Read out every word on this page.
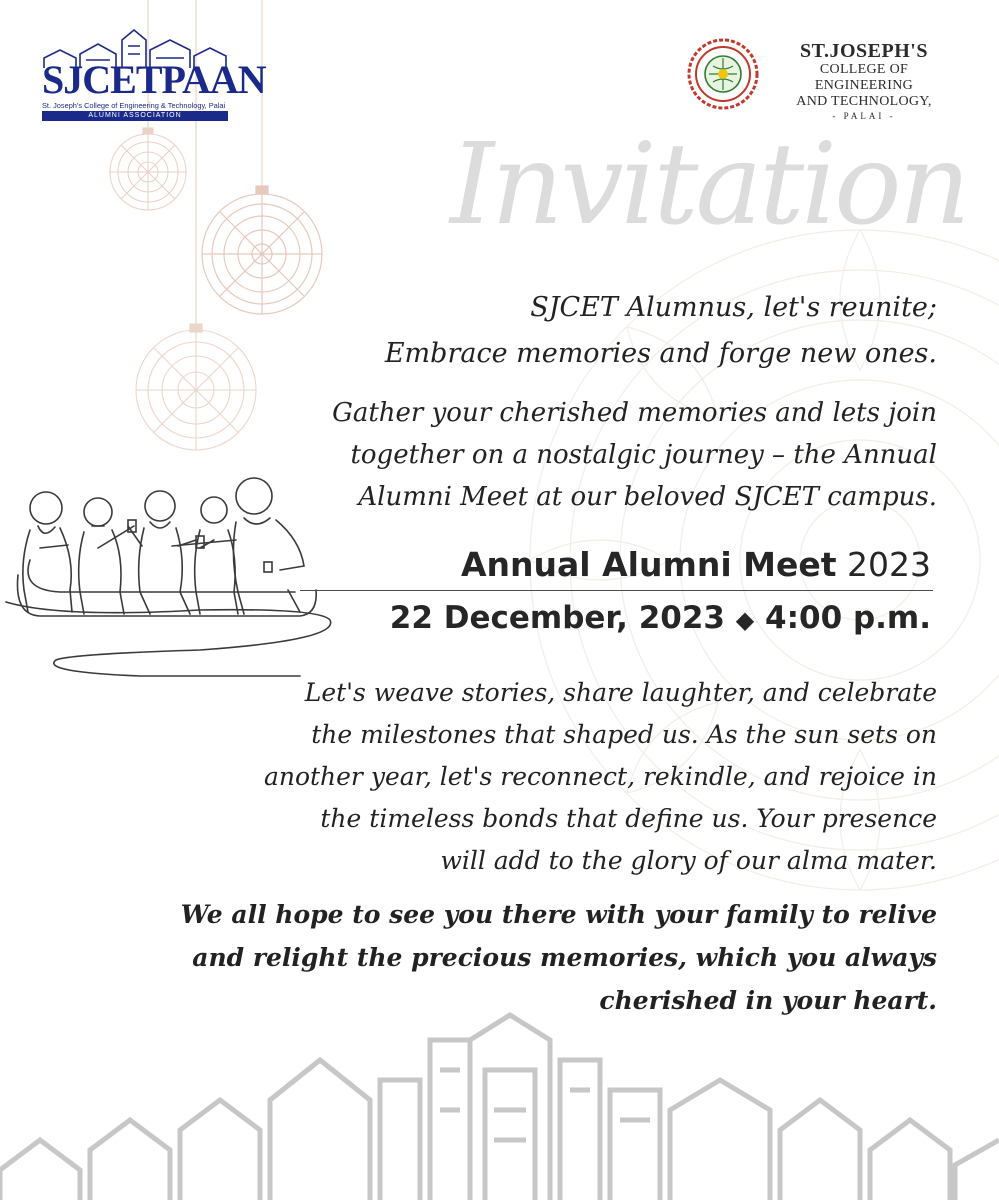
SJCETPAAN
St. Joseph's College of Engineering & Technology, Palai
ALUMNI ASSOCIATION
ST.JOSEPH'S
COLLEGE OF ENGINEERING
AND TECHNOLOGY,
- PALAI -
Invitation
SJCET Alumnus, let's reunite;
Embrace memories and forge new ones.
Gather your cherished memories and lets join
together on a nostalgic journey – the Annual
Alumni Meet at our beloved SJCET campus.
Annual Alumni Meet 2023
22 December, 2023 ◆ 4:00 p.m.
Let's weave stories, share laughter, and celebrate
the milestones that shaped us. As the sun sets on
another year, let's reconnect, rekindle, and rejoice in
the timeless bonds that define us. Your presence
will add to the glory of our alma mater.
We all hope to see you there with your family to relive
and relight the precious memories, which you always
cherished in your heart.
